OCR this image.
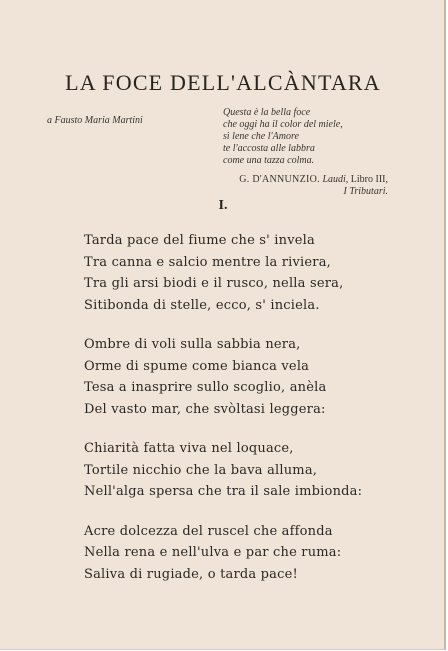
LA FOCE DELL'ALCÀNTARA
a Fausto Maria Martini
Questa è la bella foce
che oggi ha il color del miele,
sì lene che l'Amore
te l'accosta alle labbra
come una tazza colma.
G. D'ANNUNZIO. Laudi, Libro III,
I Tributari.
I.
Tarda pace del fiume che s' invela
Tra canna e salcio mentre la riviera,
Tra gli arsi biodi e il rusco, nella sera,
Sitibonda di stelle, ecco, s' inciela.
Ombre di voli sulla sabbia nera,
Orme di spume come bianca vela
Tesa a inasprire sullo scoglio, anèla
Del vasto mar, che svòltasi leggera:
Chiarità fatta viva nel loquace,
Tortile nicchio che la bava alluma,
Nell'alga spersa che tra il sale imbionda:
Acre dolcezza del ruscel che affonda
Nella rena e nell'ulva e par che ruma:
Saliva di rugiade, o tarda pace!
